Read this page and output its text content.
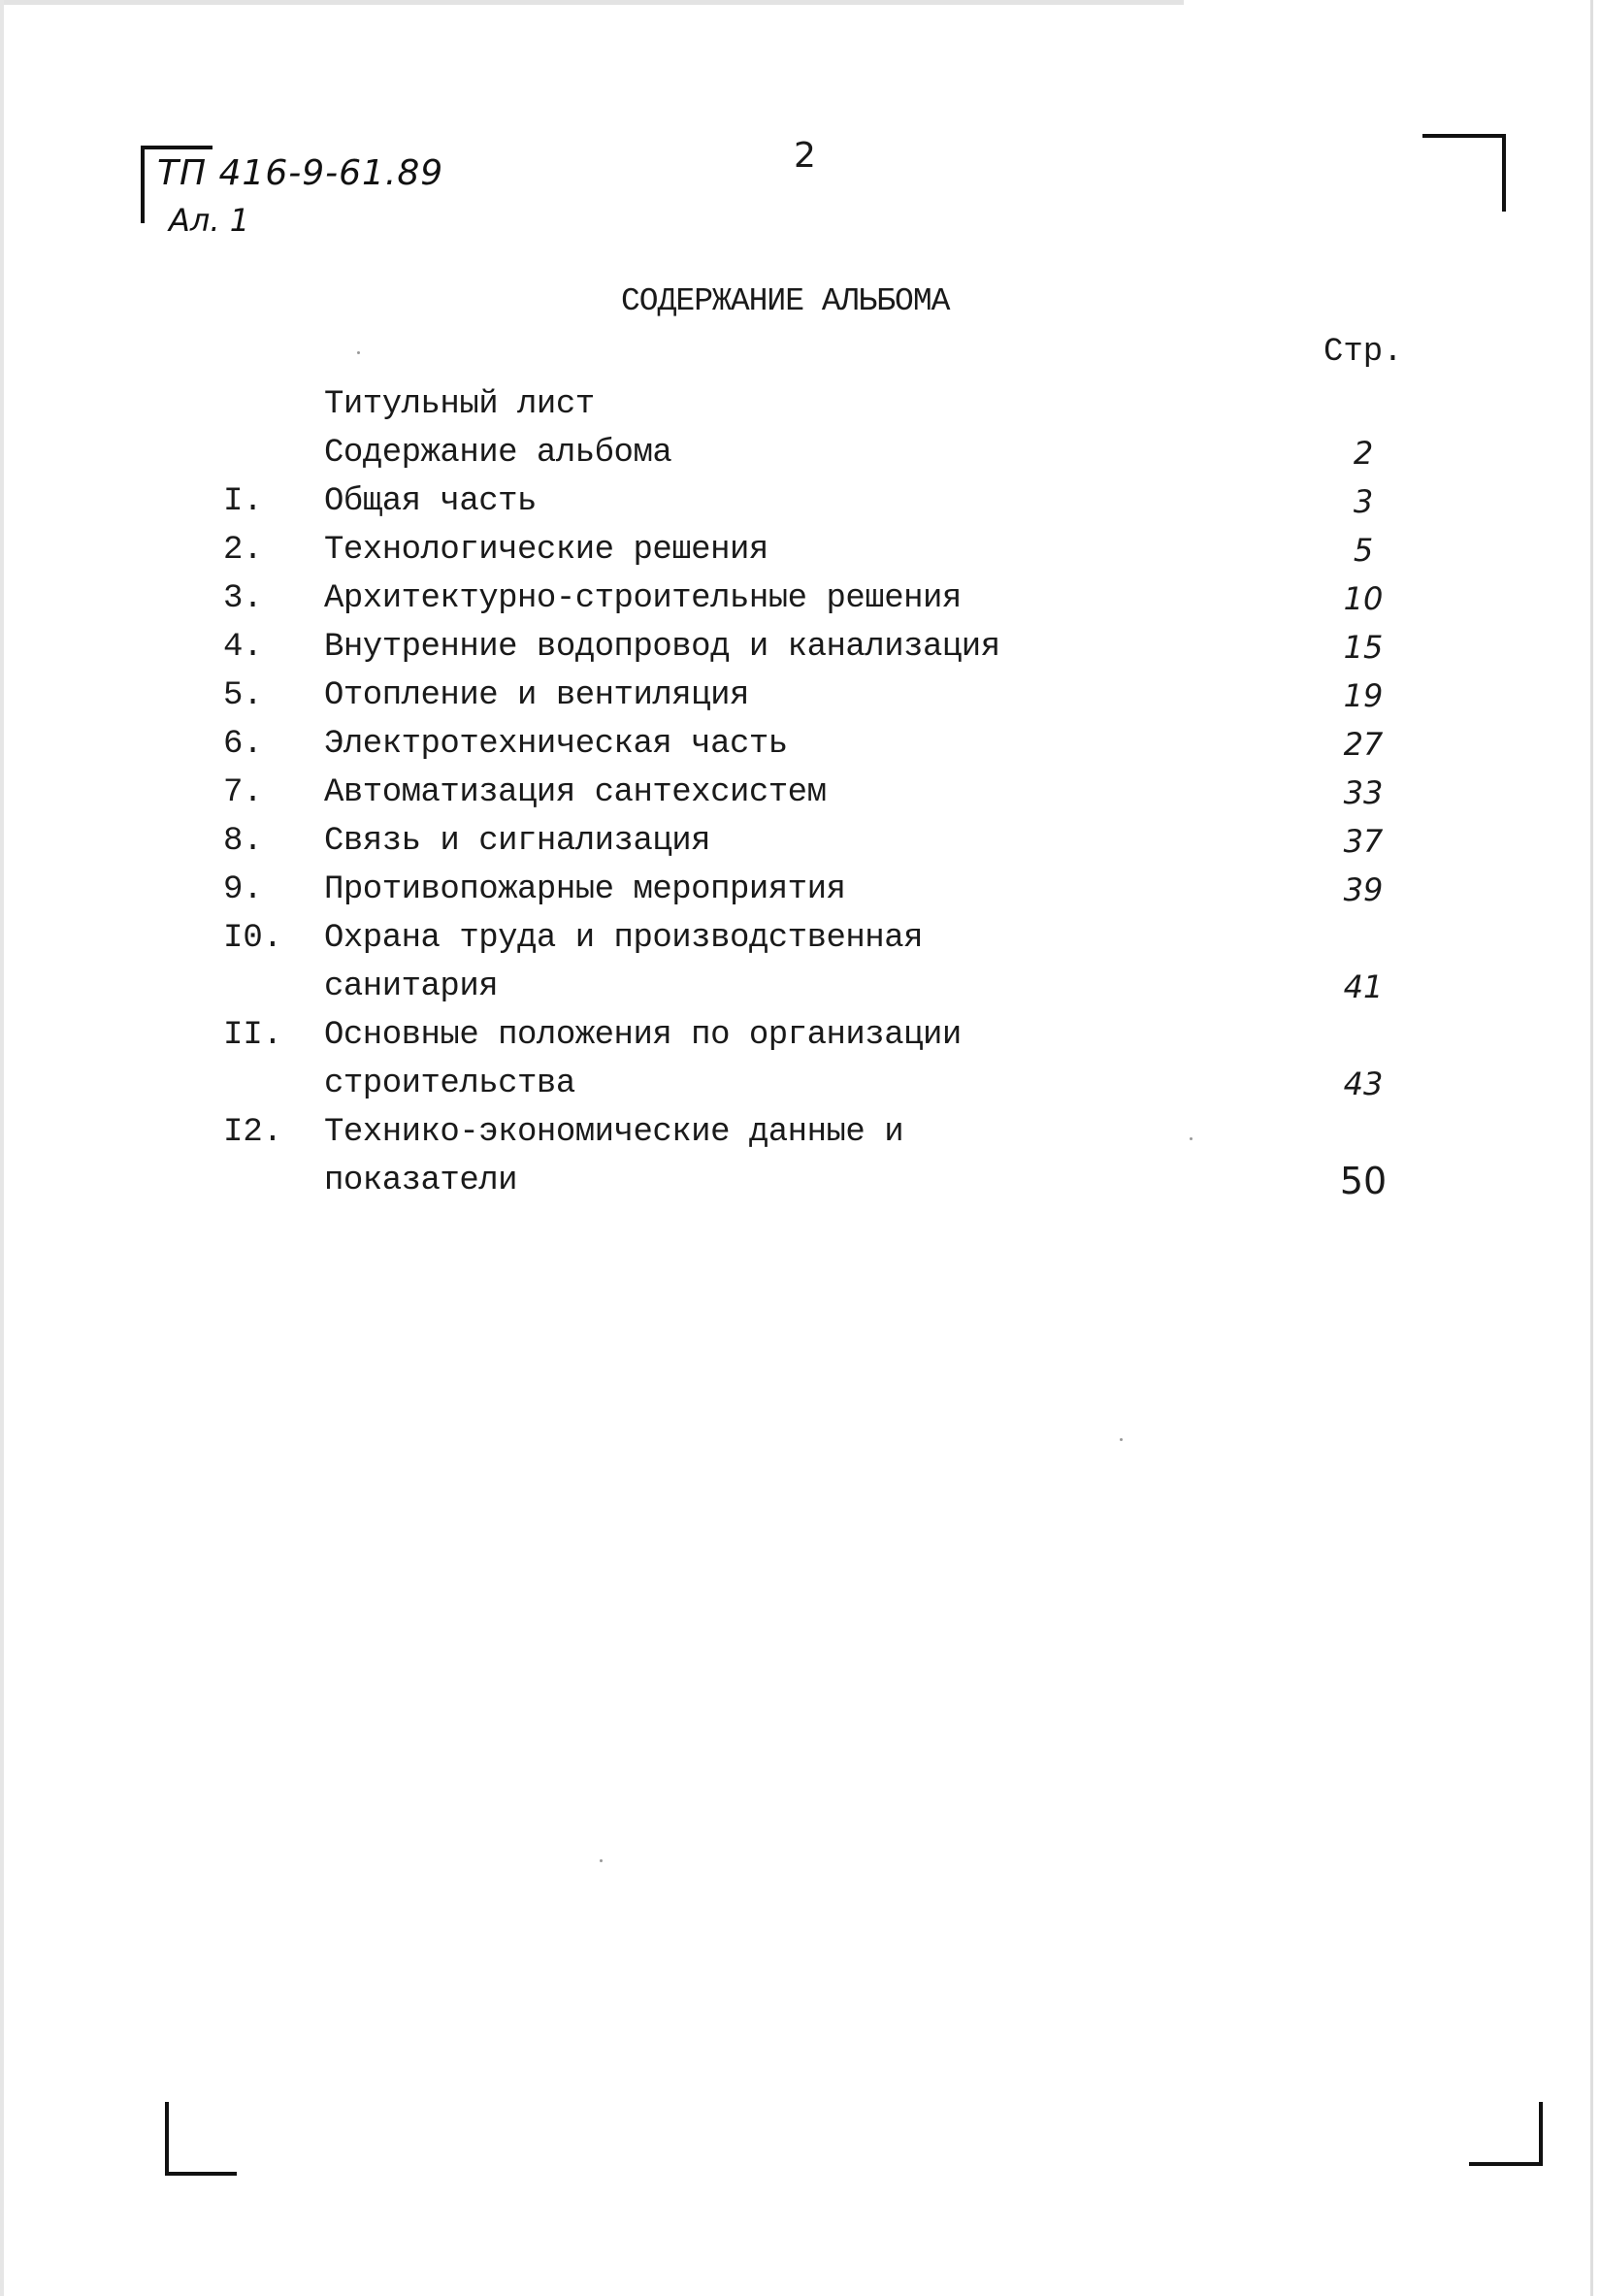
ТП 416-9-61.89
Ал. 1
2
СОДЕРЖАНИЕ АЛЬБОМА
Стр.
Титульный лист
Содержание альбома	2
I. Общая часть	3
2. Технологические решения	5
3. Архитектурно-строительные решения	10
4. Внутренние водопровод и канализация	15
5. Отопление и вентиляция	19
6. Электротехническая часть	27
7. Автоматизация сантехсистем	33
8. Связь и сигнализация	37
9. Противопожарные мероприятия	39
I0. Охрана труда и производственная санитария	41
II. Основные положения по организации строительства	43
I2. Технико-экономические данные и показатели	50
